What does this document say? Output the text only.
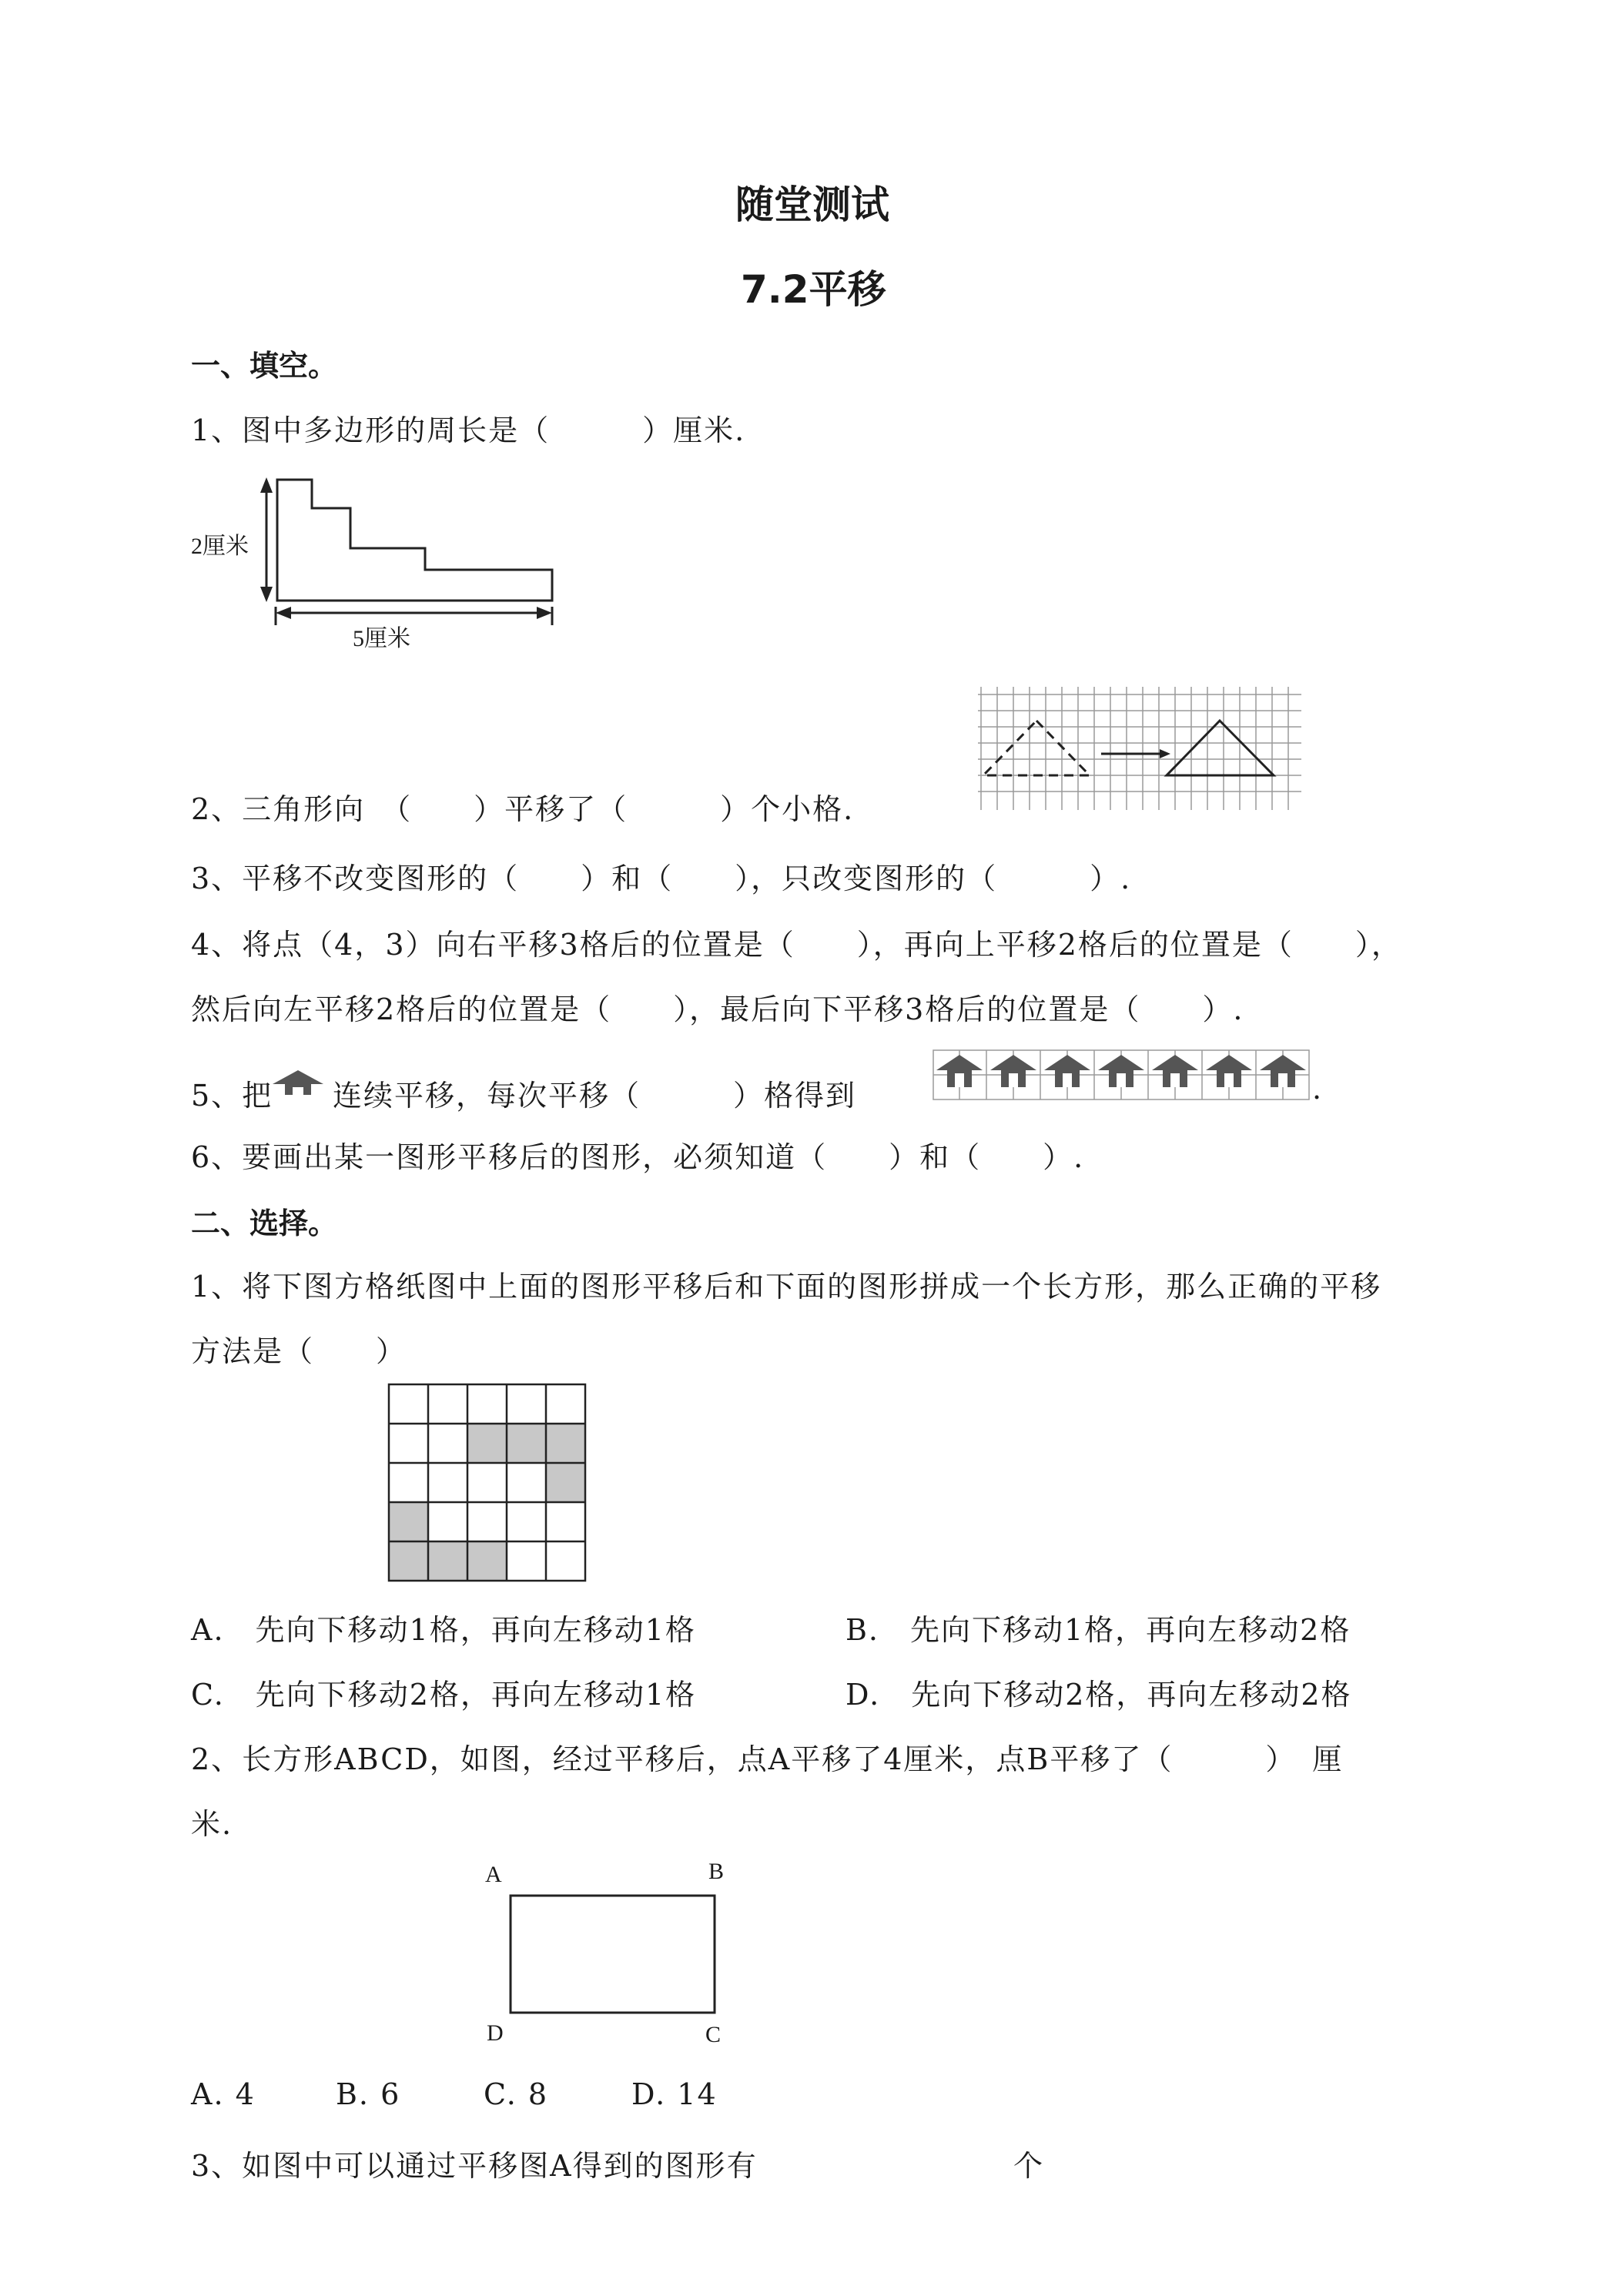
随堂测试
7.2平移
一、填空。
1、图中多边形的周长是（　　　）厘米.
2厘米
5厘米
2、三角形向　（　　）平移了（　　　）个小格.
3、平移不改变图形的（　　）和（　　），只改变图形的（　　　）.
4、将点（4，3）向右平移3格后的位置是（　　），再向上平移2格后的位置是（　　），
然后向左平移2格后的位置是（　　），最后向下平移3格后的位置是（　　）.
5、把 连续平移，每次平移（　　　）格得到	.
6、要画出某一图形平移后的图形，必须知道（　　）和（　　）.
二、选择。
1、将下图方格纸图中上面的图形平移后和下面的图形拼成一个长方形，那么正确的平移
方法是（　　）
A.　先向下移动1格，再向左移动1格	B.　先向下移动1格，再向左移动2格
C.　先向下移动2格，再向左移动1格	D.　先向下移动2格，再向左移动2格
2、长方形ABCD，如图，经过平移后，点A平移了4厘米，点B平移了（　　　）　厘
米.
A	B
D	C
A. 4	B. 6	C. 8	D. 14
3、如图中可以通过平移图A得到的图形有	个
